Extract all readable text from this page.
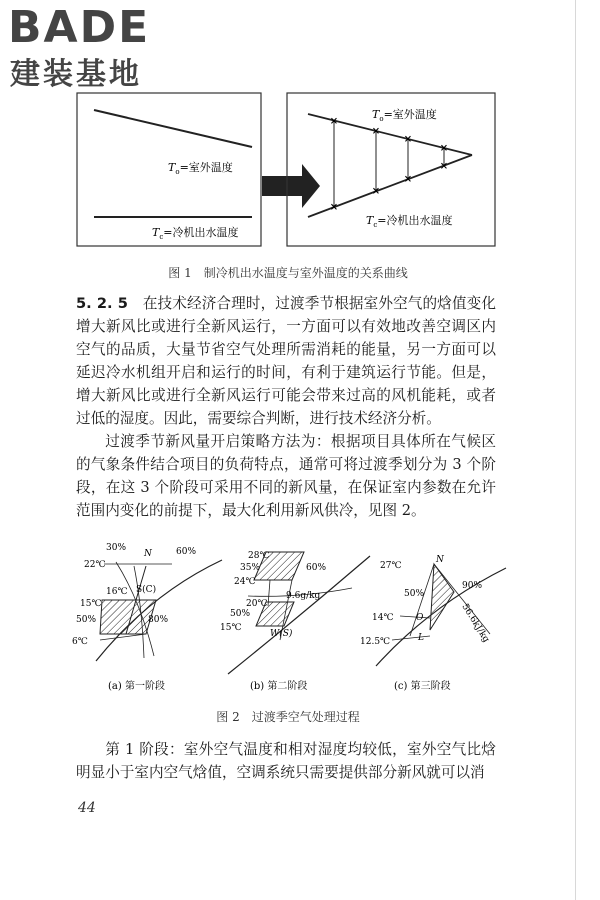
BADE
建装基地
$T_o=$室外温度
$T_c=$冷机出水温度
×
×
×
×
×
×
×
×
$T_o=$室外温度
$T_c=$冷机出水温度
图 1　制冷机出水温度与室外温度的关系曲线
5. 2. 5　 在技术经济合理时，过渡季节根据室外空气的焓值变化增大新风比或进行全新风运行，一方面可以有效地改善空调区内空气的品质，大量节省空气处理所需消耗的能量，另一方面可以延迟冷水机组开启和运行的时间，有利于建筑运行节能。但是，增大新风比或进行全新风运行可能会带来过高的风机能耗，或者过低的湿度。因此，需要综合判断，进行技术经济分析。
过渡季节新风量开启策略方法为：根据项目具体所在气候区的气象条件结合项目的负荷特点，通常可将过渡季划分为 3 个阶段，在这 3 个阶段可采用不同的新风量，在保证室内参数在允许范围内变化的前提下，最大化利用新风供冷，见图 2。
30%
22℃
N	60%
16℃ S(C)
15℃
50%	80%
6℃
(a) 第一阶段
28℃
35%	60%
24℃
9.6g/kg
20℃
50%
15℃
W(S)
(b) 第二阶段
27℃
N
90%
50%
56.6kJ/kg
14℃ O
12.5℃	L
(c) 第三阶段
图 2　过渡季空气处理过程
第 1 阶段：室外空气温度和相对湿度均较低，室外空气比焓明显小于室内空气焓值，空调系统只需要提供部分新风就可以消
44
